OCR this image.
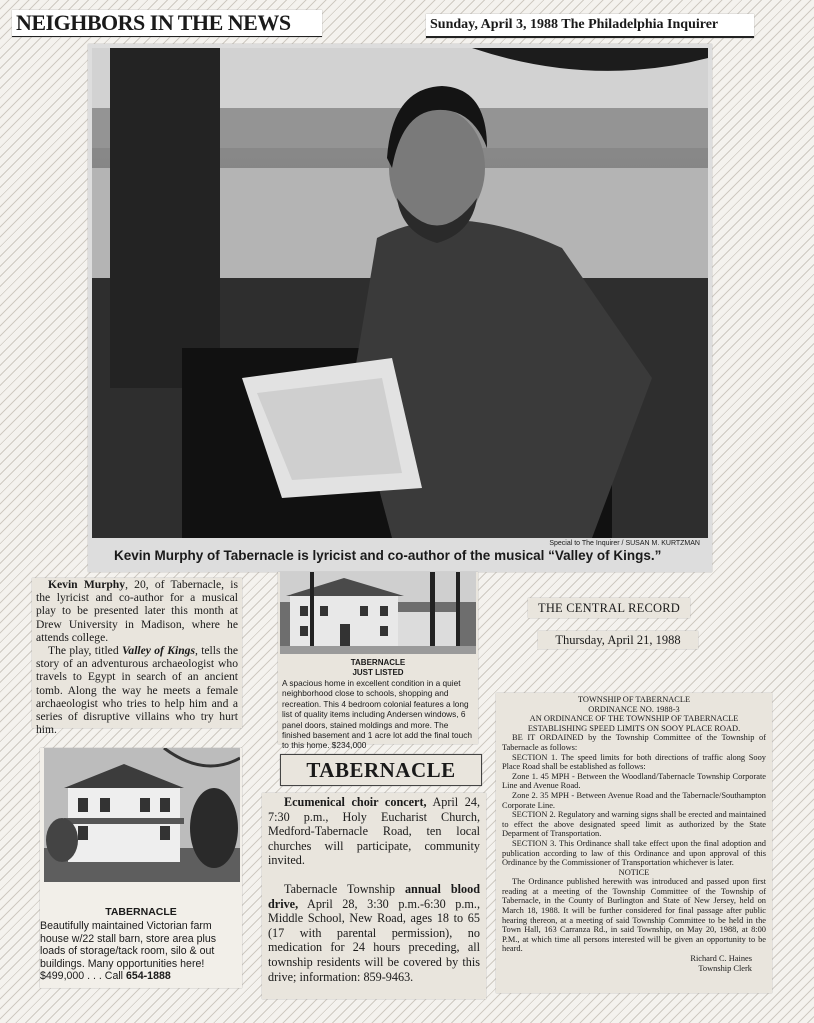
NEIGHBORS IN THE NEWS	Sunday, April 3, 1988 The Philadelphia Inquirer
Special to The Inquirer / SUSAN M. KURTZMAN
Kevin Murphy of Tabernacle is lyricist and co-author of the musical “Valley of Kings.”

Kevin Murphy, 20, of Tabernacle, is the lyricist and co-author for a musical play to be presented later this month at Drew University in Madison, where he attends college.

The play, titled Valley of Kings, tells the story of an adventurous archaeologist who travels to Egypt in search of an ancient tomb. Along the way he meets a female archaeologist who tries to help him and a series of disruptive villains who try hurt him.

TABERNACLE
JUST LISTED
A spacious home in excellent condition in a quiet neighborhood close to schools, shopping and recreation. This 4 bedroom colonial features a long list of quality items including Andersen windows, 6 panel doors, stained moldings and more. The finished basement and 1 acre lot add the final touch to this home. $234,000
THE CENTRAL RECORD
Thursday, April 21, 1988
TOWNSHIP OF TABERNACLE
ORDINANCE NO. 1988-3
AN ORDINANCE OF THE TOWNSHIP OF TABERNACLE ESTABLISHING SPEED LIMITS ON SOOY PLACE ROAD.

BE IT ORDAINED by the Township Committee of the Township of Tabernacle as follows:

SECTION 1. The speed limits for both directions of traffic along Sooy Place Road shall be established as follows:

Zone 1. 45 MPH - Between the Woodland/Tabernacle Township Corporate Line and Avenue Road.

Zone 2. 35 MPH - Between Avenue Road and the Tabernacle/Southampton Corporate Line.

SECTION 2. Regulatory and warning signs shall be erected and maintained to effect the above designated speed limit as authorized by the State Deparment of Transportation.

SECTION 3. This Ordinance shall take effect upon the final adoption and publication according to law of this Ordinance and upon approval of this Ordinance by the Commissioner of Transportation whichever is later.

NOTICE

The Ordinance published herewith was introduced and passed upon first reading at a meeting of the Township Committee of the Township of Tabernacle, in the County of Burlington and State of New Jersey, held on March 18, 1988. It will be further considered for final passage after public hearing thereon, at a meeting of said Township Committee to be held in the Town Hall, 163 Carranza Rd., in said Township, on May 20, 1988, at 8:00 P.M., at which time all persons interested will be given an opportunity to be heard.

Richard C. Haines
Township Clerk
TABERNACLE
Beautifully maintained Victorian farm house w/22 stall barn, store area plus loads of storage/tack room, silo & out buildings. Many opportunities here!
$499,000 . . . Call 654-1888
TABERNACLE

Ecumenical choir concert, April 24, 7:30 p.m., Holy Eucharist Church, Medford-Tabernacle Road, ten local churches will participate, community invited.

Tabernacle Township annual blood drive, April 28, 3:30 p.m.-6:30 p.m., Middle School, New Road, ages 18 to 65 (17 with parental permission), no medication for 24 hours preceding, all township residents will be covered by this drive; information: 859-9463.
